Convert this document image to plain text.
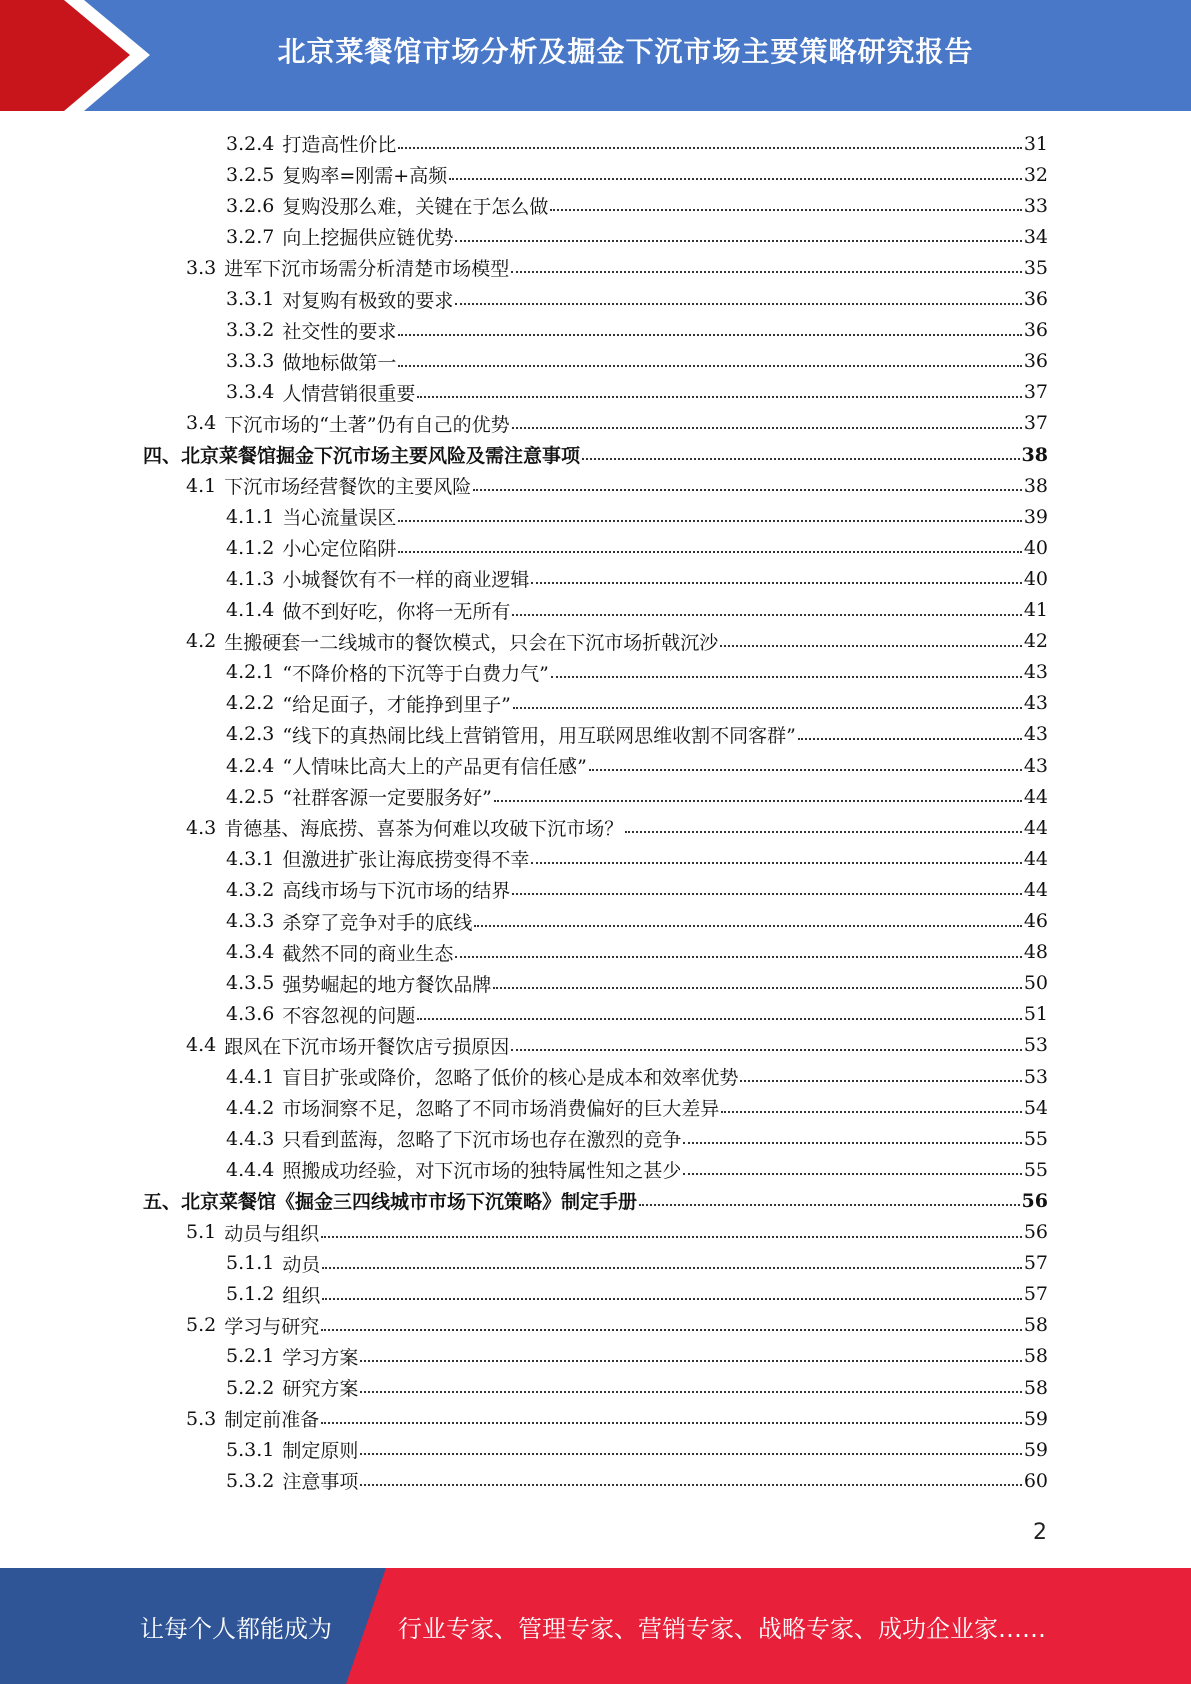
北京菜餐馆市场分析及掘金下沉市场主要策略研究报告
3.2.4 打造高性价比	31
3.2.5 复购率=刚需+高频	32
3.2.6 复购没那么难，关键在于怎么做	33
3.2.7 向上挖掘供应链优势	34
3.3 进军下沉市场需分析清楚市场模型	35
3.3.1 对复购有极致的要求	36
3.3.2 社交性的要求	36
3.3.3 做地标做第一	36
3.3.4 人情营销很重要	37
3.4 下沉市场的“土著”仍有自己的优势	37
四、北京菜餐馆掘金下沉市场主要风险及需注意事项	38
4.1 下沉市场经营餐饮的主要风险	38
4.1.1 当心流量误区	39
4.1.2 小心定位陷阱	40
4.1.3 小城餐饮有不一样的商业逻辑	40
4.1.4 做不到好吃，你将一无所有	41
4.2 生搬硬套一二线城市的餐饮模式，只会在下沉市场折戟沉沙	42
4.2.1 “不降价格的下沉等于白费力气”	43
4.2.2 “给足面子，才能挣到里子”	43
4.2.3 “线下的真热闹比线上营销管用，用互联网思维收割不同客群”	43
4.2.4 “人情味比高大上的产品更有信任感”	43
4.2.5 “社群客源一定要服务好”	44
4.3 肯德基、海底捞、喜茶为何难以攻破下沉市场？	44
4.3.1 但激进扩张让海底捞变得不幸	44
4.3.2 高线市场与下沉市场的结界	44
4.3.3 杀穿了竞争对手的底线	46
4.3.4 截然不同的商业生态	48
4.3.5 强势崛起的地方餐饮品牌	50
4.3.6 不容忽视的问题	51
4.4 跟风在下沉市场开餐饮店亏损原因	53
4.4.1 盲目扩张或降价，忽略了低价的核心是成本和效率优势	53
4.4.2 市场洞察不足，忽略了不同市场消费偏好的巨大差异	54
4.4.3 只看到蓝海，忽略了下沉市场也存在激烈的竞争	55
4.4.4 照搬成功经验，对下沉市场的独特属性知之甚少	55
五、北京菜餐馆《掘金三四线城市市场下沉策略》制定手册	56
5.1 动员与组织	56
5.1.1 动员	57
5.1.2 组织	57
5.2 学习与研究	58
5.2.1 学习方案	58
5.2.2 研究方案	58
5.3 制定前准备	59
5.3.1 制定原则	59
5.3.2 注意事项	60
2
让每个人都能成为	行业专家、管理专家、营销专家、战略专家、成功企业家……
